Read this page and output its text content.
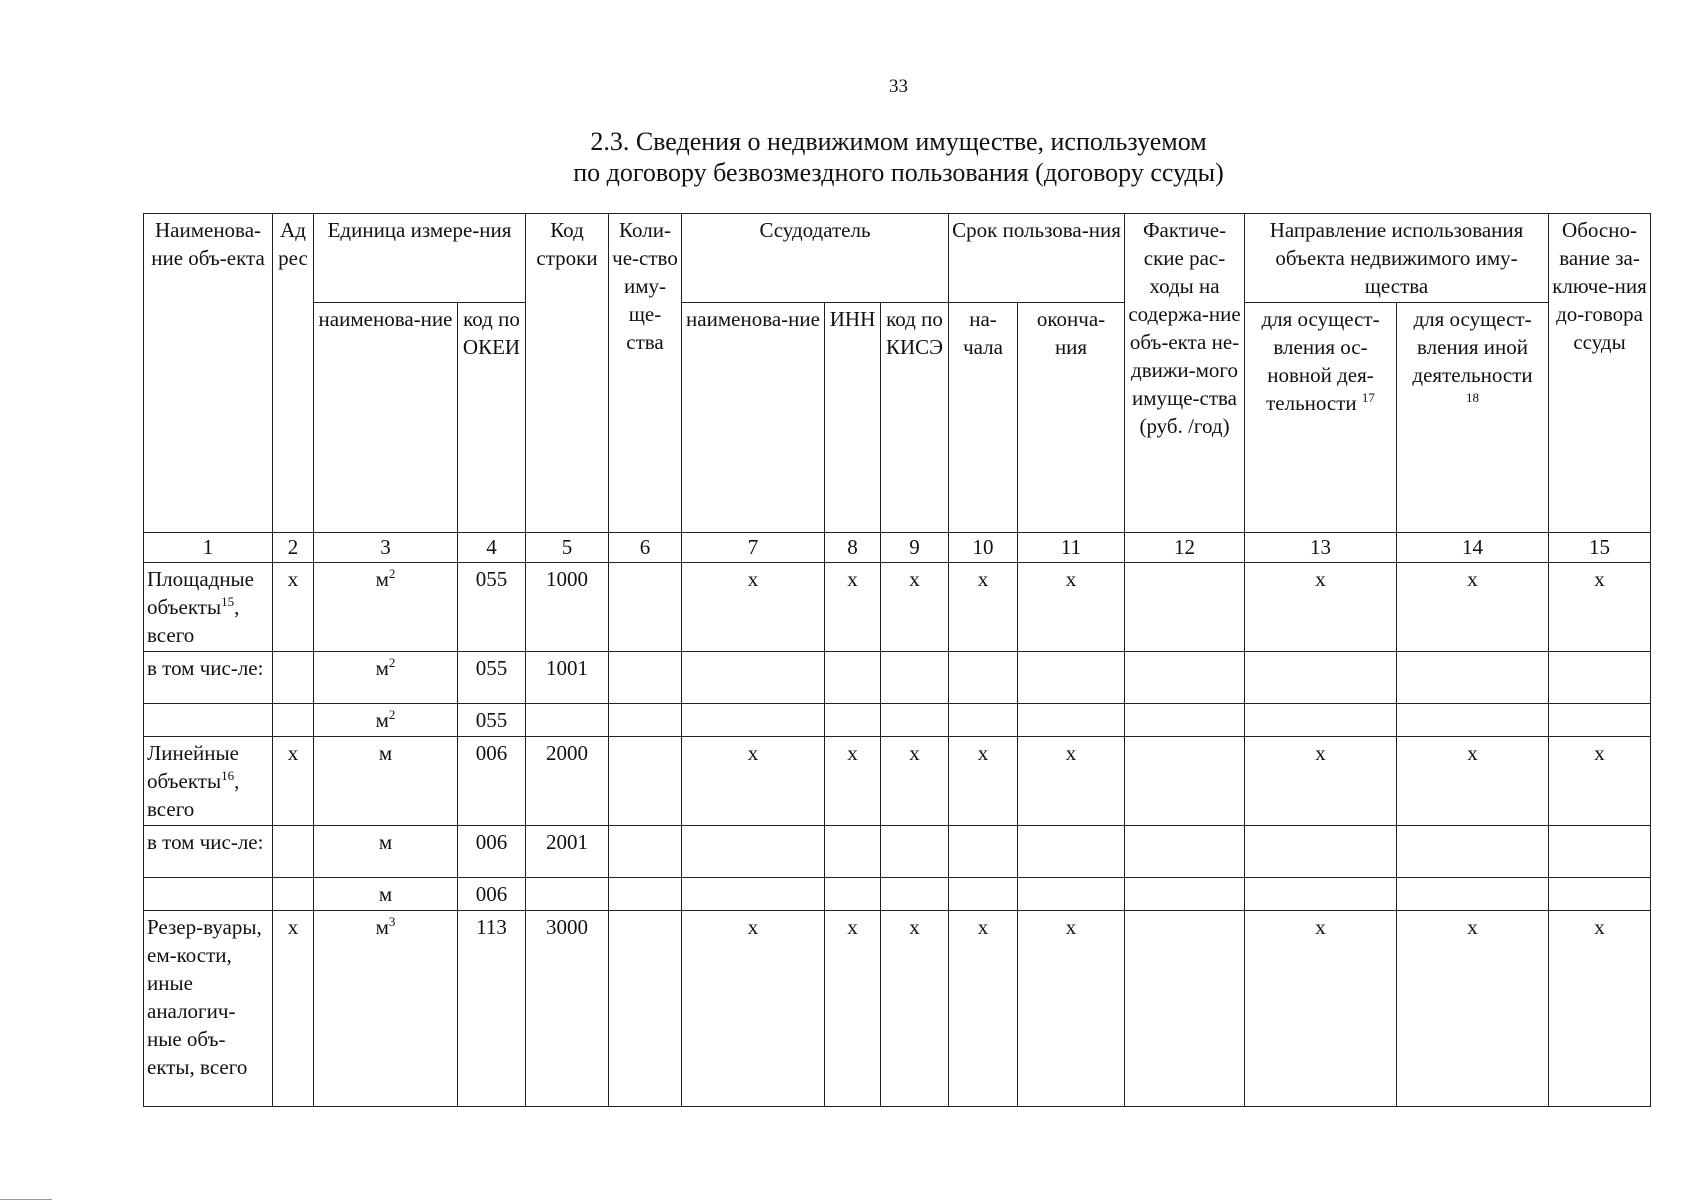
33
2.3. Сведения о недвижимом имуществе, используемом
по договору безвозмездного пользования (договору ссуды)
Наименова-ние объ-екта	Ад рес	Единица измере-ния		Код строки	Коли-че-ство иму-ще-ства	Ссудодатель			Срок пользова-ния		Фактиче-ские рас-ходы на содержа-ние объ-екта не-движи-мого имуще-ства (руб. /год)	Направление использования объекта недвижимого иму-щества		Обосно-вание за-ключе-ния до-говора ссуды
		наименова-ние	код по ОКЕИ			наименова-ние	ИНН	код по КИСЭ	на-чала	оконча-ния		для осущест-вления ос-новной дея-тельности $^{17}$	для осущест-вления иной деятельности
$^{18}$
1	2	3	4	5	6	7	8	9	10	11	12	13	14	15
Площадные объекты$^{15}$, всего	х	$м^2$	055	1000		х	х	х	х	х		х	х	х
в том чис-ле:		$м^2$	055	1001										
		$м^2$	055											
Линейные объекты$^{16}$, всего	х	м	006	2000		х	х	х	х	х		х	х	х
в том чис-ле:		м	006	2001										
		м	006											
Резер-вуары, ем-кости, иные аналогич-ные объ-екты, всего	х	$м^3$	113	3000		х	х	х	х	х		х	х	х
